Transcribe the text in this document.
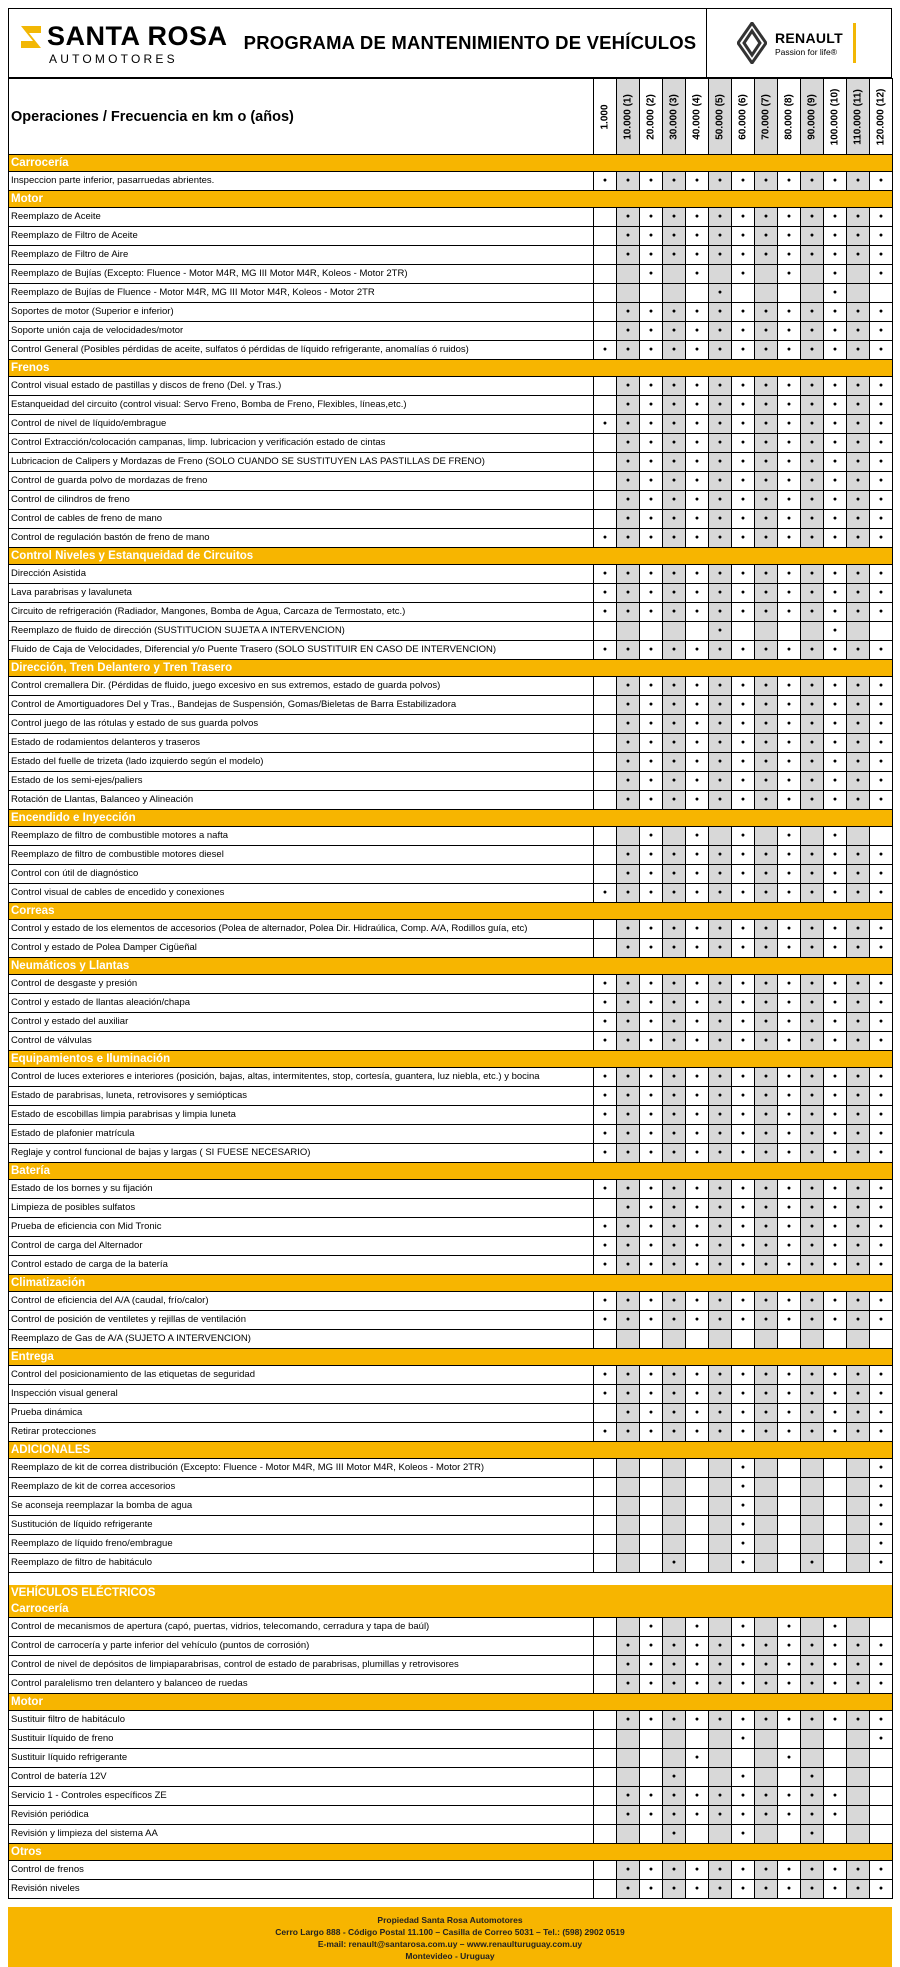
SANTA ROSA
AUTOMOTORES
PROGRAMA DE MANTENIMIENTO DE VEHÍCULOS	RENAULT
Passion for life®
Operaciones / Frecuencia en km o (años)	1.000	10.000 (1)	20.000 (2)	30.000 (3)	40.000 (4)	50.000 (5)	60.000 (6)	70.000 (7)	80.000 (8)	90.000 (9)	100.000 (10)	110.000 (11)	120.000 (12)

Carrocería													
Inspeccion parte inferior, pasarruedas abrientes.	●	●	●	●	●	●	●	●	●	●	●	●	●
Motor													
Reemplazo de Aceite		●	●	●	●	●	●	●	●	●	●	●	●
Reemplazo de Filtro de Aceite		●	●	●	●	●	●	●	●	●	●	●	●
Reemplazo de Filtro de Aire		●	●	●	●	●	●	●	●	●	●	●	●
Reemplazo de Bujías (Excepto: Fluence - Motor M4R, MG III Motor M4R, Koleos - Motor 2TR)			●		●		●		●		●		●
Reemplazo de Bujías de Fluence - Motor M4R, MG III Motor M4R, Koleos - Motor 2TR						●					●		
Soportes de motor (Superior e inferior)		●	●	●	●	●	●	●	●	●	●	●	●
Soporte unión caja de velocidades/motor		●	●	●	●	●	●	●	●	●	●	●	●
Control General (Posibles pérdidas de aceite, sulfatos ó pérdidas de líquido refrigerante, anomalías ó ruidos)	●	●	●	●	●	●	●	●	●	●	●	●	●
Frenos													
Control visual estado de pastillas y discos de freno (Del. y Tras.)		●	●	●	●	●	●	●	●	●	●	●	●
Estanqueidad del circuito (control visual: Servo Freno, Bomba de Freno, Flexibles, líneas,etc.)		●	●	●	●	●	●	●	●	●	●	●	●
Control de nivel de líquido/embrague	●	●	●	●	●	●	●	●	●	●	●	●	●
Control Extracción/colocación campanas, limp. lubricacion y verificación estado de cintas		●	●	●	●	●	●	●	●	●	●	●	●
Lubricacion de Calipers y Mordazas de Freno (SOLO CUANDO SE SUSTITUYEN LAS PASTILLAS DE FRENO)		●	●	●	●	●	●	●	●	●	●	●	●
Control de guarda polvo de mordazas de freno		●	●	●	●	●	●	●	●	●	●	●	●
Control de cilindros de freno		●	●	●	●	●	●	●	●	●	●	●	●
Control de cables de freno de mano		●	●	●	●	●	●	●	●	●	●	●	●
Control de regulación bastón de freno de mano	●	●	●	●	●	●	●	●	●	●	●	●	●
Control Niveles y Estanqueidad de Circuitos													
Dirección Asistida	●	●	●	●	●	●	●	●	●	●	●	●	●
Lava parabrisas y lavaluneta	●	●	●	●	●	●	●	●	●	●	●	●	●
Circuito de refrigeración (Radiador, Mangones, Bomba de Agua, Carcaza de Termostato, etc.)	●	●	●	●	●	●	●	●	●	●	●	●	●
Reemplazo de fluido de dirección (SUSTITUCION SUJETA A INTERVENCION)						●					●		
Fluido de Caja de Velocidades, Diferencial y/o Puente Trasero (SOLO SUSTITUIR EN CASO DE INTERVENCION)	●	●	●	●	●	●	●	●	●	●	●	●	●
Dirección, Tren Delantero y Tren Trasero													
Control cremallera Dir. (Pérdidas de fluido, juego excesivo en sus extremos, estado de guarda polvos)		●	●	●	●	●	●	●	●	●	●	●	●
Control de Amortiguadores Del y Tras., Bandejas de Suspensión, Gomas/Bieletas de Barra Estabilizadora		●	●	●	●	●	●	●	●	●	●	●	●
Control juego de las rótulas y estado de sus guarda polvos		●	●	●	●	●	●	●	●	●	●	●	●
Estado de rodamientos delanteros y traseros		●	●	●	●	●	●	●	●	●	●	●	●
Estado del fuelle de trizeta (lado izquierdo según el modelo)		●	●	●	●	●	●	●	●	●	●	●	●
Estado de los semi-ejes/paliers		●	●	●	●	●	●	●	●	●	●	●	●
Rotación de Llantas, Balanceo y Alineación		●	●	●	●	●	●	●	●	●	●	●	●
Encendido e Inyección													
Reemplazo de filtro de combustible motores a nafta			●		●		●		●		●		
Reemplazo de filtro de combustible motores diesel		●	●	●	●	●	●	●	●	●	●	●	●
Control con útil de diagnóstico		●	●	●	●	●	●	●	●	●	●	●	●
Control visual de cables de encedido y conexiones	●	●	●	●	●	●	●	●	●	●	●	●	●
Correas													
Control y estado de los elementos de accesorios (Polea de alternador, Polea Dir. Hidraúlica, Comp. A/A, Rodillos guía, etc)		●	●	●	●	●	●	●	●	●	●	●	●
Control y estado de Polea Damper Cigüeñal		●	●	●	●	●	●	●	●	●	●	●	●
Neumáticos y Llantas													
Control de desgaste y presión	●	●	●	●	●	●	●	●	●	●	●	●	●
Control y estado de llantas aleación/chapa	●	●	●	●	●	●	●	●	●	●	●	●	●
Control y estado del auxiliar	●	●	●	●	●	●	●	●	●	●	●	●	●
Control de válvulas	●	●	●	●	●	●	●	●	●	●	●	●	●
Equipamientos e Iluminación													
Control de luces exteriores e interiores (posición, bajas, altas, intermitentes, stop, cortesía, guantera, luz niebla, etc.) y bocina	●	●	●	●	●	●	●	●	●	●	●	●	●
Estado de parabrisas, luneta, retrovisores y semiópticas	●	●	●	●	●	●	●	●	●	●	●	●	●
Estado de escobillas limpia parabrisas y limpia luneta	●	●	●	●	●	●	●	●	●	●	●	●	●
Estado de plafonier matrícula	●	●	●	●	●	●	●	●	●	●	●	●	●
Reglaje y control funcional de bajas y largas ( SI FUESE NECESARIO)	●	●	●	●	●	●	●	●	●	●	●	●	●
Batería													
Estado de los bornes y su fijación	●	●	●	●	●	●	●	●	●	●	●	●	●
Limpieza de posibles sulfatos		●	●	●	●	●	●	●	●	●	●	●	●
Prueba de eficiencia con Mid Tronic	●	●	●	●	●	●	●	●	●	●	●	●	●
Control de carga del Alternador	●	●	●	●	●	●	●	●	●	●	●	●	●
Control estado de carga de la batería	●	●	●	●	●	●	●	●	●	●	●	●	●
Climatización													
Control de eficiencia del A/A (caudal, frío/calor)	●	●	●	●	●	●	●	●	●	●	●	●	●
Control de posición de ventiletes y rejillas de ventilación	●	●	●	●	●	●	●	●	●	●	●	●	●
Reemplazo de Gas de A/A (SUJETO A INTERVENCION)													
Entrega													
Control del posicionamiento de las etiquetas de seguridad	●	●	●	●	●	●	●	●	●	●	●	●	●
Inspección visual general	●	●	●	●	●	●	●	●	●	●	●	●	●
Prueba dinámica		●	●	●	●	●	●	●	●	●	●	●	●
Retirar protecciones	●	●	●	●	●	●	●	●	●	●	●	●	●
ADICIONALES													
Reemplazo de kit de correa distribución (Excepto: Fluence - Motor M4R, MG III Motor M4R, Koleos - Motor 2TR)							●						●
Reemplazo de kit de correa accesorios							●						●
Se aconseja reemplazar la bomba de agua							●						●
Sustitución de líquido refrigerante							●						●
Reemplazo de líquido freno/embrague							●						●
Reemplazo de filtro de habitáculo				●			●			●			●

VEHÍCULOS ELÉCTRICOS													
Carrocería													
Control de mecanismos de apertura (capó, puertas, vidrios, telecomando, cerradura y tapa de baúl)			●		●		●		●		●		
Control de carrocería y parte inferior del vehículo (puntos de corrosión)		●	●	●	●	●	●	●	●	●	●	●	●
Control de nivel de depósitos de limpiaparabrisas, control de estado de parabrisas, plumillas y retrovisores		●	●	●	●	●	●	●	●	●	●	●	●
Control paralelismo tren delantero y balanceo de ruedas		●	●	●	●	●	●	●	●	●	●	●	●
Motor													
Sustituir filtro de habitáculo		●	●	●	●	●	●	●	●	●	●	●	●
Sustituir líquido de freno							●						●
Sustituir líquido refrigerante					●				●				
Control de batería 12V				●			●			●			
Servicio 1 - Controles específicos ZE		●	●	●	●	●	●	●	●	●	●		
Revisión periódica		●	●	●	●	●	●	●	●	●	●		
Revisión y limpieza del sistema AA				●			●			●			
Otros													
Control de frenos		●	●	●	●	●	●	●	●	●	●	●	●
Revisión niveles		●	●	●	●	●	●	●	●	●	●	●	●
Propiedad Santa Rosa Automotores
Cerro Largo 888 - Código Postal 11.100 – Casilla de Correo 5031 – Tel.: (598) 2902 0519
E-mail: renault@santarosa.com.uy – www.renaulturuguay.com.uy
Montevideo - Uruguay
